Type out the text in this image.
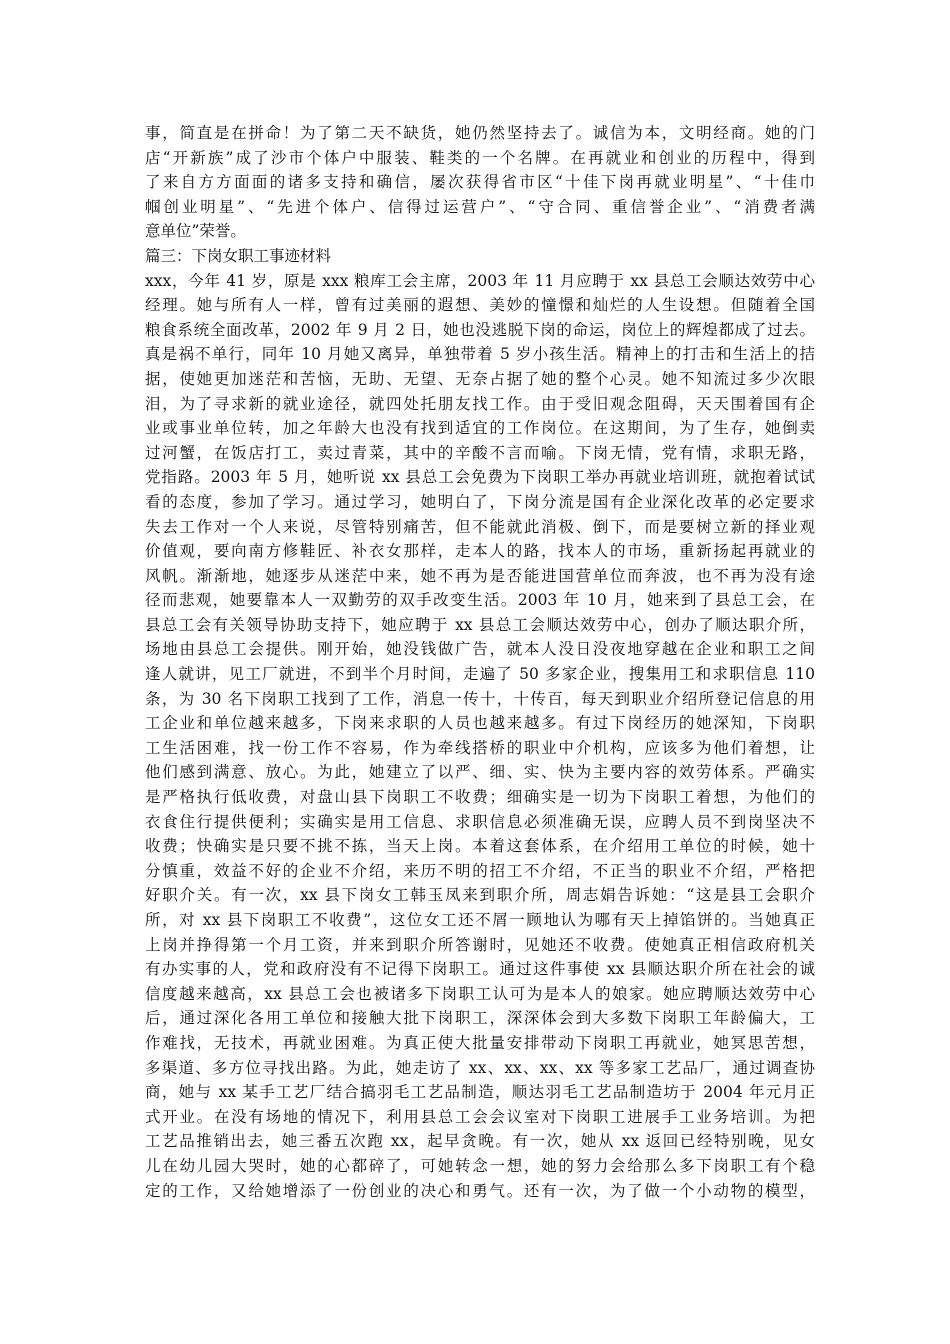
事，简直是在拼命！为了第二天不缺货，她仍然坚持去了。诚信为本，文明经商。她的门
店“开新族”成了沙市个体户中服装、鞋类的一个名牌。在再就业和创业的历程中，得到
了来自方方面面的诸多支持和确信，屡次获得省市区“十佳下岗再就业明星”、“十佳巾
帼创业明星”、“先进个体户、信得过运营户”、“守合同、重信誉企业”、“消费者满
意单位”荣誉。
篇三：下岗女职工事迹材料
xxx，今年 41 岁，原是 xxx 粮库工会主席，2003 年 11 月应聘于 xx 县总工会顺达效劳中心
经理。她与所有人一样，曾有过美丽的遐想、美妙的憧憬和灿烂的人生设想。但随着全国
粮食系统全面改革，2002 年 9 月 2 日，她也没逃脱下岗的命运，岗位上的辉煌都成了过去。
真是祸不单行，同年 10 月她又离异，单独带着 5 岁小孩生活。精神上的打击和生活上的拮
据，使她更加迷茫和苦恼，无助、无望、无奈占据了她的整个心灵。她不知流过多少次眼
泪，为了寻求新的就业途径，就四处托朋友找工作。由于受旧观念阻碍，天天围着国有企
业或事业单位转，加之年龄大也没有找到适宜的工作岗位。在这期间，为了生存，她倒卖
过河蟹，在饭店打工，卖过青菜，其中的辛酸不言而喻。下岗无情，党有情，求职无路，
党指路。2003 年 5 月，她听说 xx 县总工会免费为下岗职工举办再就业培训班，就抱着试试
看的态度，参加了学习。通过学习，她明白了，下岗分流是国有企业深化改革的必定要求
失去工作对一个人来说，尽管特别痛苦，但不能就此消极、倒下，而是要树立新的择业观
价值观，要向南方修鞋匠、补衣女那样，走本人的路，找本人的市场，重新扬起再就业的
风帆。渐渐地，她逐步从迷茫中来，她不再为是否能进国营单位而奔波，也不再为没有途
径而悲观，她要靠本人一双勤劳的双手改变生活。2003 年 10 月，她来到了县总工会，在
县总工会有关领导协助支持下，她应聘于 xx 县总工会顺达效劳中心，创办了顺达职介所，
场地由县总工会提供。刚开始，她没钱做广告，就本人没日没夜地穿越在企业和职工之间
逢人就讲，见工厂就进，不到半个月时间，走遍了 50 多家企业，搜集用工和求职信息 110
条，为 30 名下岗职工找到了工作，消息一传十，十传百，每天到职业介绍所登记信息的用
工企业和单位越来越多，下岗来求职的人员也越来越多。有过下岗经历的她深知，下岗职
工生活困难，找一份工作不容易，作为牵线搭桥的职业中介机构，应该多为他们着想，让
他们感到满意、放心。为此，她建立了以严、细、实、快为主要内容的效劳体系。严确实
是严格执行低收费，对盘山县下岗职工不收费；细确实是一切为下岗职工着想，为他们的
衣食住行提供便利；实确实是用工信息、求职信息必须准确无误，应聘人员不到岗坚决不
收费；快确实是只要不挑不拣，当天上岗。本着这套体系，在介绍用工单位的时候，她十
分慎重，效益不好的企业不介绍，来历不明的招工不介绍，不正当的职业不介绍，严格把
好职介关。有一次，xx 县下岗女工韩玉凤来到职介所，周志娟告诉她：“这是县工会职介
所，对 xx 县下岗职工不收费”，这位女工还不屑一顾地认为哪有天上掉馅饼的。当她真正
上岗并挣得第一个月工资，并来到职介所答谢时，见她还不收费。使她真正相信政府机关
有办实事的人，党和政府没有不记得下岗职工。通过这件事使 xx 县顺达职介所在社会的诚
信度越来越高，xx 县总工会也被诸多下岗职工认可为是本人的娘家。她应聘顺达效劳中心
后，通过深化各用工单位和接触大批下岗职工，深深体会到大多数下岗职工年龄偏大，工
作难找，无技术，再就业困难。为真正使大批量安排带动下岗职工再就业，她冥思苦想，
多渠道、多方位寻找出路。为此，她走访了 xx、xx、xx、xx 等多家工艺品厂，通过调查协
商，她与 xx 某手工艺厂结合搞羽毛工艺品制造，顺达羽毛工艺品制造坊于 2004 年元月正
式开业。在没有场地的情况下，利用县总工会会议室对下岗职工进展手工业务培训。为把
工艺品推销出去，她三番五次跑 xx，起早贪晚。有一次，她从 xx 返回已经特别晚，见女
儿在幼儿园大哭时，她的心都碎了，可她转念一想，她的努力会给那么多下岗职工有个稳
定的工作，又给她增添了一份创业的决心和勇气。还有一次，为了做一个小动物的模型，
